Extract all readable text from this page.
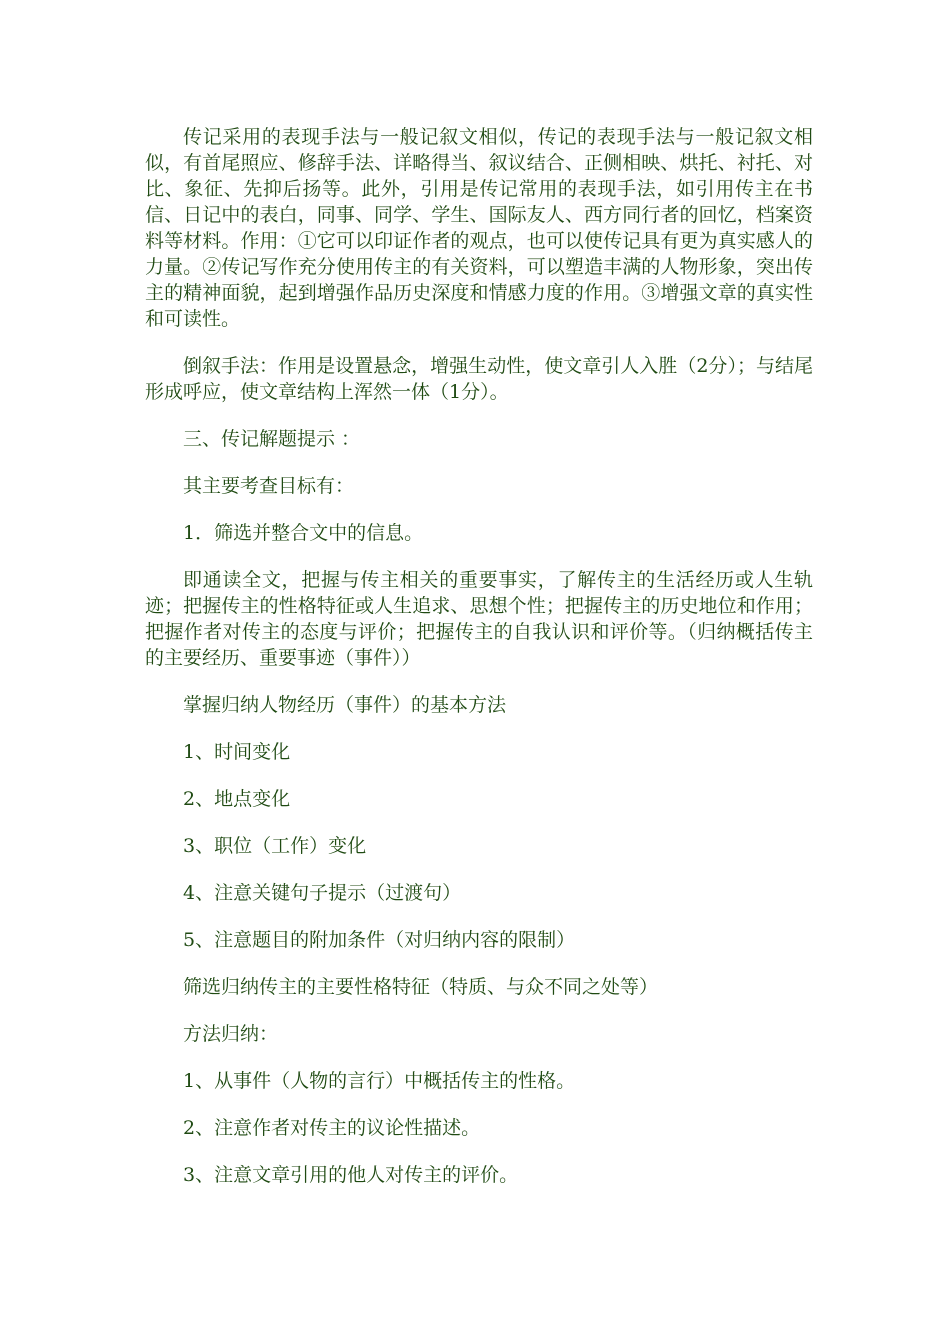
传记采用的表现手法与一般记叙文相似，传记的表现手法与一般记叙文相似，有首尾照应、修辞手法、详略得当、叙议结合、正侧相映、烘托、衬托、对比、象征、先抑后扬等。此外，引用是传记常用的表现手法，如引用传主在书信、日记中的表白，同事、同学、学生、国际友人、西方同行者的回忆，档案资料等材料。作用：①它可以印证作者的观点，也可以使传记具有更为真实感人的力量。②传记写作充分使用传主的有关资料，可以塑造丰满的人物形象，突出传主的精神面貌，起到增强作品历史深度和情感力度的作用。③增强文章的真实性和可读性。

倒叙手法：作用是设置悬念，增强生动性，使文章引人入胜（2分）；与结尾形成呼应，使文章结构上浑然一体（1分）。

三、传记解题提示 ：

其主要考查目标有：

1．筛选并整合文中的信息。

即通读全文，把握与传主相关的重要事实，了解传主的生活经历或人生轨迹；把握传主的性格特征或人生追求、思想个性；把握传主的历史地位和作用；把握作者对传主的态度与评价；把握传主的自我认识和评价等。（归纳概括传主的主要经历、重要事迹（事件））

掌握归纳人物经历（事件）的基本方法

1、时间变化

2、地点变化

3、职位（工作）变化

4、注意关键句子提示（过渡句）

5、注意题目的附加条件（对归纳内容的限制）

筛选归纳传主的主要性格特征（特质、与众不同之处等）

方法归纳：

1、从事件（人物的言行）中概括传主的性格。

2、注意作者对传主的议论性描述。

3、注意文章引用的他人对传主的评价。
